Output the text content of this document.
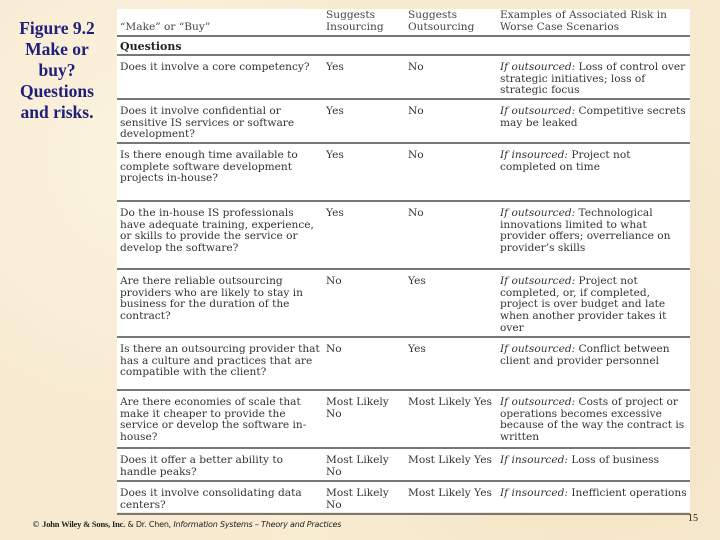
Figure 9.2
Make or
buy?
Questions
and risks.
“Make” or “Buy”	Suggests Insourcing	Suggests Outsourcing	Examples of Associated Risk in Worse Case Scenarios
Questions			
Does it involve a core competency?	Yes	No	If outsourced: Loss of control over strategic initiatives; loss of strategic focus
Does it involve confidential or sensitive IS services or software development?	Yes	No	If outsourced: Competitive secrets may be leaked
Is there enough time available to complete software development projects in-house?	Yes	No	If insourced: Project not completed on time
Do the in-house IS professionals have adequate training, experience, or skills to provide the service or develop the software?	Yes	No	If outsourced: Technological innovations limited to what provider offers; overreliance on provider’s skills
Are there reliable outsourcing providers who are likely to stay in business for the duration of the contract?	No	Yes	If outsourced: Project not completed, or, if completed, project is over budget and late when another provider takes it over
Is there an outsourcing provider that has a culture and practices that are compatible with the client?	No	Yes	If outsourced: Conflict between client and provider personnel
Are there economies of scale that make it cheaper to provide the service or develop the software in-house?	Most Likely No	Most Likely Yes	If outsourced: Costs of project or operations becomes excessive because of the way the contract is written
Does it offer a better ability to handle peaks?	Most Likely No	Most Likely Yes	If insourced: Loss of business
Does it involve consolidating data centers?	Most Likely No	Most Likely Yes	If insourced: Inefficient operations
© John Wiley & Sons, Inc. & Dr. Chen, Information Systems – Theory and Practices
15
